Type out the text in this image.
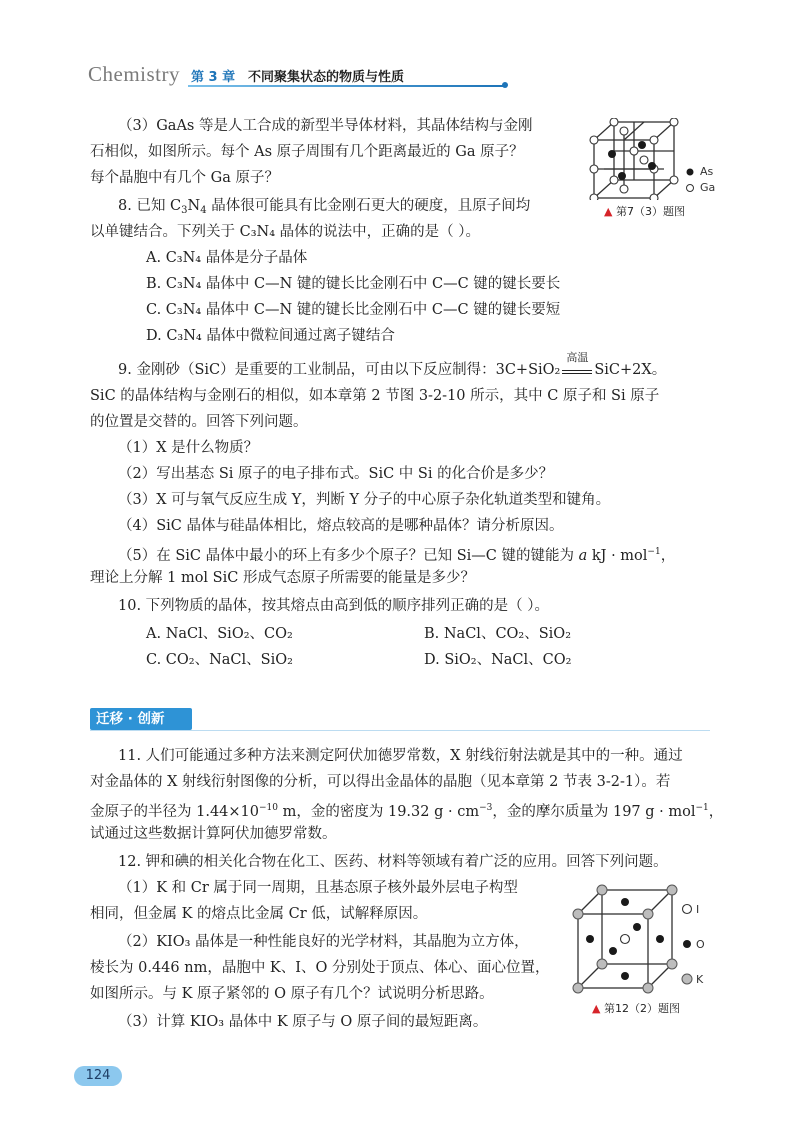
Chemistry 第 3 章 不同聚集状态的物质与性质
（3）GaAs 等是人工合成的新型半导体材料，其晶体结构与金刚
石相似，如图所示。每个 As 原子周围有几个距离最近的 Ga 原子？
每个晶胞中有几个 Ga 原子？	As
Ga
▲ 第7（3）题图
8. 已知 $C_3N_4$ 晶体很可能具有比金刚石更大的硬度，且原子间均
以单键结合。下列关于 C₃N₄ 晶体的说法中，正确的是（ ）。
A. C₃N₄ 晶体是分子晶体
B. C₃N₄ 晶体中 C—N 键的键长比金刚石中 C—C 键的键长要长
C. C₃N₄ 晶体中 C—N 键的键长比金刚石中 C—C 键的键长要短
D. C₃N₄ 晶体中微粒间通过离子键结合
9. 金刚砂（SiC）是重要的工业制品，可由以下反应制得：3C+SiO₂
高温
SiC+2X。
SiC 的晶体结构与金刚石的相似，如本章第 2 节图 3-2-10 所示，其中 C 原子和 Si 原子
的位置是交替的。回答下列问题。
（1）X 是什么物质？
（2）写出基态 Si 原子的电子排布式。SiC 中 Si 的化合价是多少？
（3）X 可与氧气反应生成 Y，判断 Y 分子的中心原子杂化轨道类型和键角。
（4）SiC 晶体与硅晶体相比，熔点较高的是哪种晶体？请分析原因。
（5）在 SiC 晶体中最小的环上有多少个原子？已知 Si—C 键的键能为 a kJ · mol$^{-1}$，
理论上分解 1 mol SiC 形成气态原子所需要的能量是多少？
10. 下列物质的晶体，按其熔点由高到低的顺序排列正确的是（ ）。
A. NaCl、SiO₂、CO₂	B. NaCl、CO₂、SiO₂
C. CO₂、NaCl、SiO₂	D. SiO₂、NaCl、CO₂
迁移 · 创新
11. 人们可能通过多种方法来测定阿伏加德罗常数，X 射线衍射法就是其中的一种。通过
对金晶体的 X 射线衍射图像的分析，可以得出金晶体的晶胞（见本章第 2 节表 3-2-1）。若
金原子的半径为 $1.44\times 10^{-10}$ m，金的密度为 19.32 $g \cdot cm^{-3}$，金的摩尔质量为 197 g · mol$^{-1}$，
试通过这些数据计算阿伏加德罗常数。
12. 钾和碘的相关化合物在化工、医药、材料等领域有着广泛的应用。回答下列问题。
（1）K 和 Cr 属于同一周期，且基态原子核外最外层电子构型
相同，但金属 K 的熔点比金属 Cr 低，试解释原因。
（2）KIO₃ 晶体是一种性能良好的光学材料，其晶胞为立方体，
棱长为 0.446 nm，晶胞中 K、I、O 分别处于顶点、体心、面心位置，
如图所示。与 K 原子紧邻的 O 原子有几个？试说明分析思路。
（3）计算 KIO₃ 晶体中 K 原子与 O 原子间的最短距离。
I
O
K
▲ 第12（2）题图
124
